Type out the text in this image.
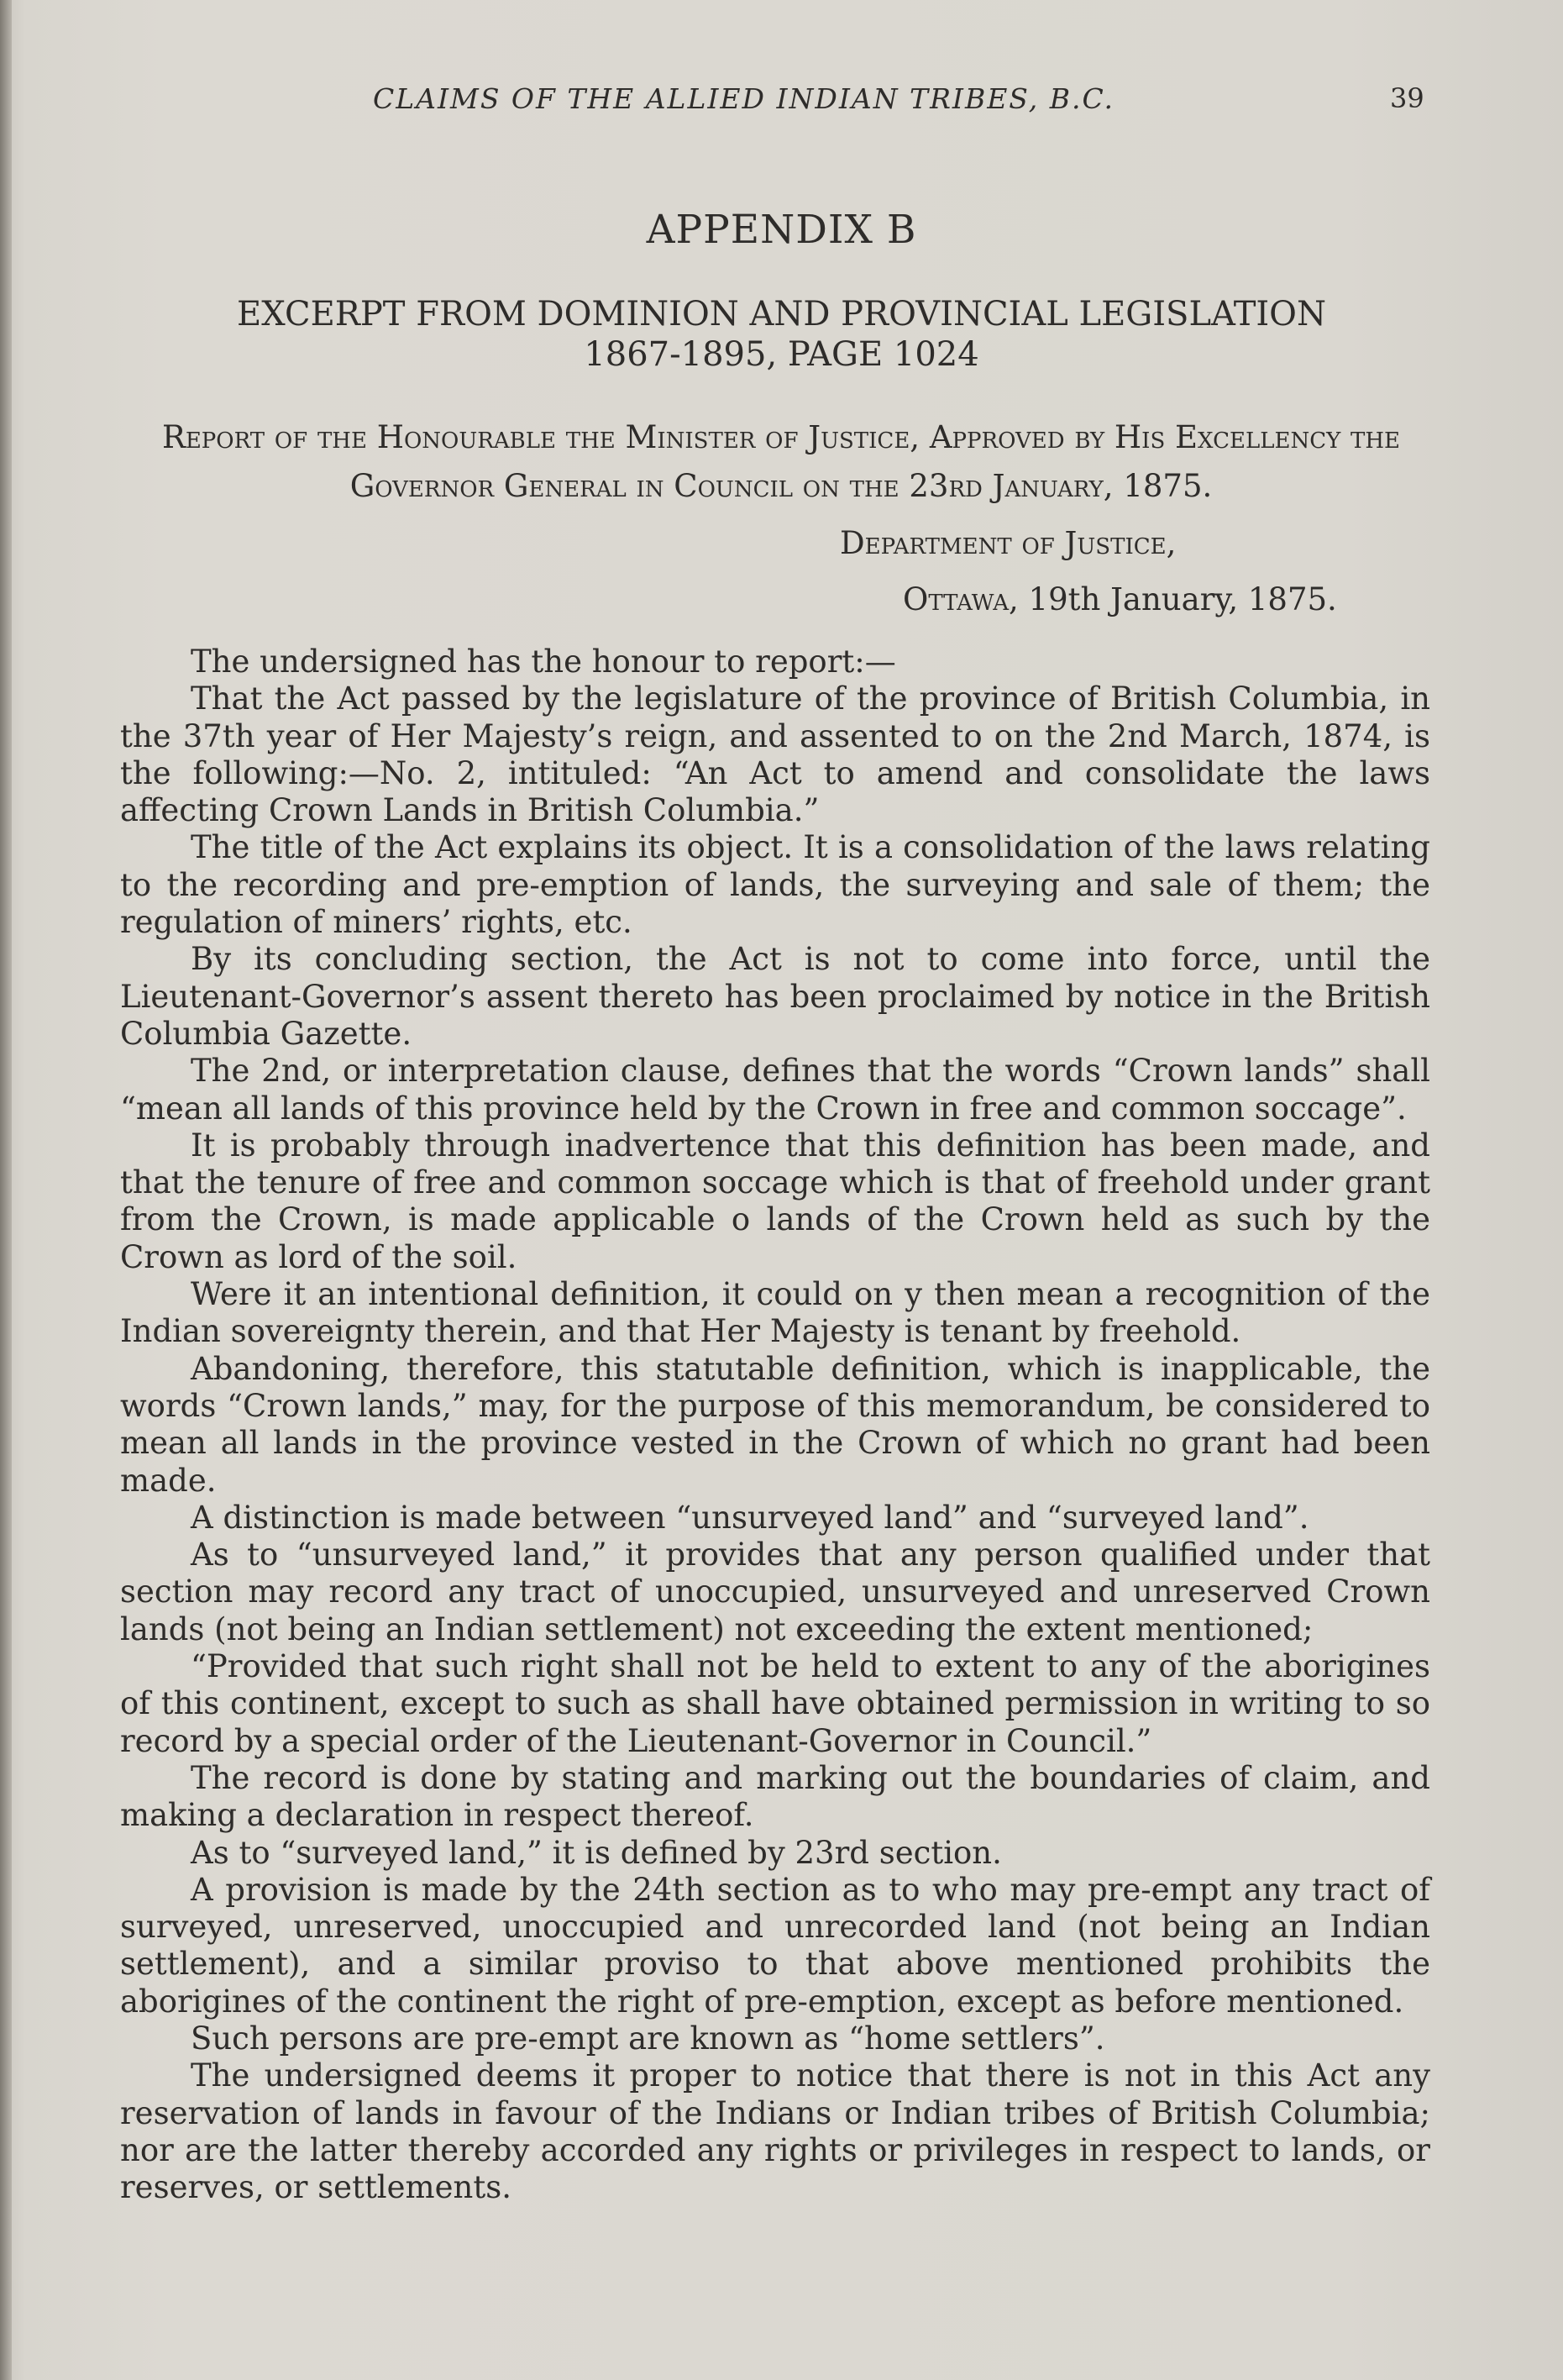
CLAIMS OF THE ALLIED INDIAN TRIBES, B.C.	39
APPENDIX B
EXCERPT FROM DOMINION AND PROVINCIAL LEGISLATION
1867-1895, PAGE 1024
Report of the Honourable the Minister of Justice, Approved by His Excellency the Governor General in Council on the 23rd January, 1875.
Department of Justice,
Ottawa, 19th January, 1875.

The undersigned has the honour to report:—

That the Act passed by the legislature of the province of British Columbia, in the 37th year of Her Majesty’s reign, and assented to on the 2nd March, 1874, is the following:—No. 2, intituled: “An Act to amend and consolidate the laws affecting Crown Lands in British Columbia.”

The title of the Act explains its object. It is a consolidation of the laws relating to the recording and pre-emption of lands, the surveying and sale of them; the regulation of miners’ rights, etc.

By its concluding section, the Act is not to come into force, until the Lieutenant-Governor’s assent thereto has been proclaimed by notice in the British Columbia Gazette.

The 2nd, or interpretation clause, defines that the words “Crown lands” shall “mean all lands of this province held by the Crown in free and common soccage”.

It is probably through inadvertence that this definition has been made, and that the tenure of free and common soccage which is that of freehold under grant from the Crown, is made applicable o lands of the Crown held as such by the Crown as lord of the soil.

Were it an intentional definition, it could on y then mean a recognition of the Indian sovereignty therein, and that Her Majesty is tenant by freehold.

Abandoning, therefore, this statutable definition, which is inapplicable, the words “Crown lands,” may, for the purpose of this memorandum, be considered to mean all lands in the province vested in the Crown of which no grant had been made.

A distinction is made between “unsurveyed land” and “surveyed land”.

As to “unsurveyed land,” it provides that any person qualified under that section may record any tract of unoccupied, unsurveyed and unreserved Crown lands (not being an Indian settlement) not exceeding the extent mentioned;

“Provided that such right shall not be held to extent to any of the aborigines of this continent, except to such as shall have obtained permission in writing to so record by a special order of the Lieutenant-Governor in Council.”

The record is done by stating and marking out the boundaries of claim, and making a declaration in respect thereof.

As to “surveyed land,” it is defined by 23rd section.

A provision is made by the 24th section as to who may pre-empt any tract of surveyed, unreserved, unoccupied and unrecorded land (not being an Indian settlement), and a similar proviso to that above mentioned prohibits the aborigines of the continent the right of pre-emption, except as before mentioned.

Such persons are pre-empt are known as “home settlers”.

The undersigned deems it proper to notice that there is not in this Act any reservation of lands in favour of the Indians or Indian tribes of British Columbia; nor are the latter thereby accorded any rights or privileges in respect to lands, or reserves, or settlements.
